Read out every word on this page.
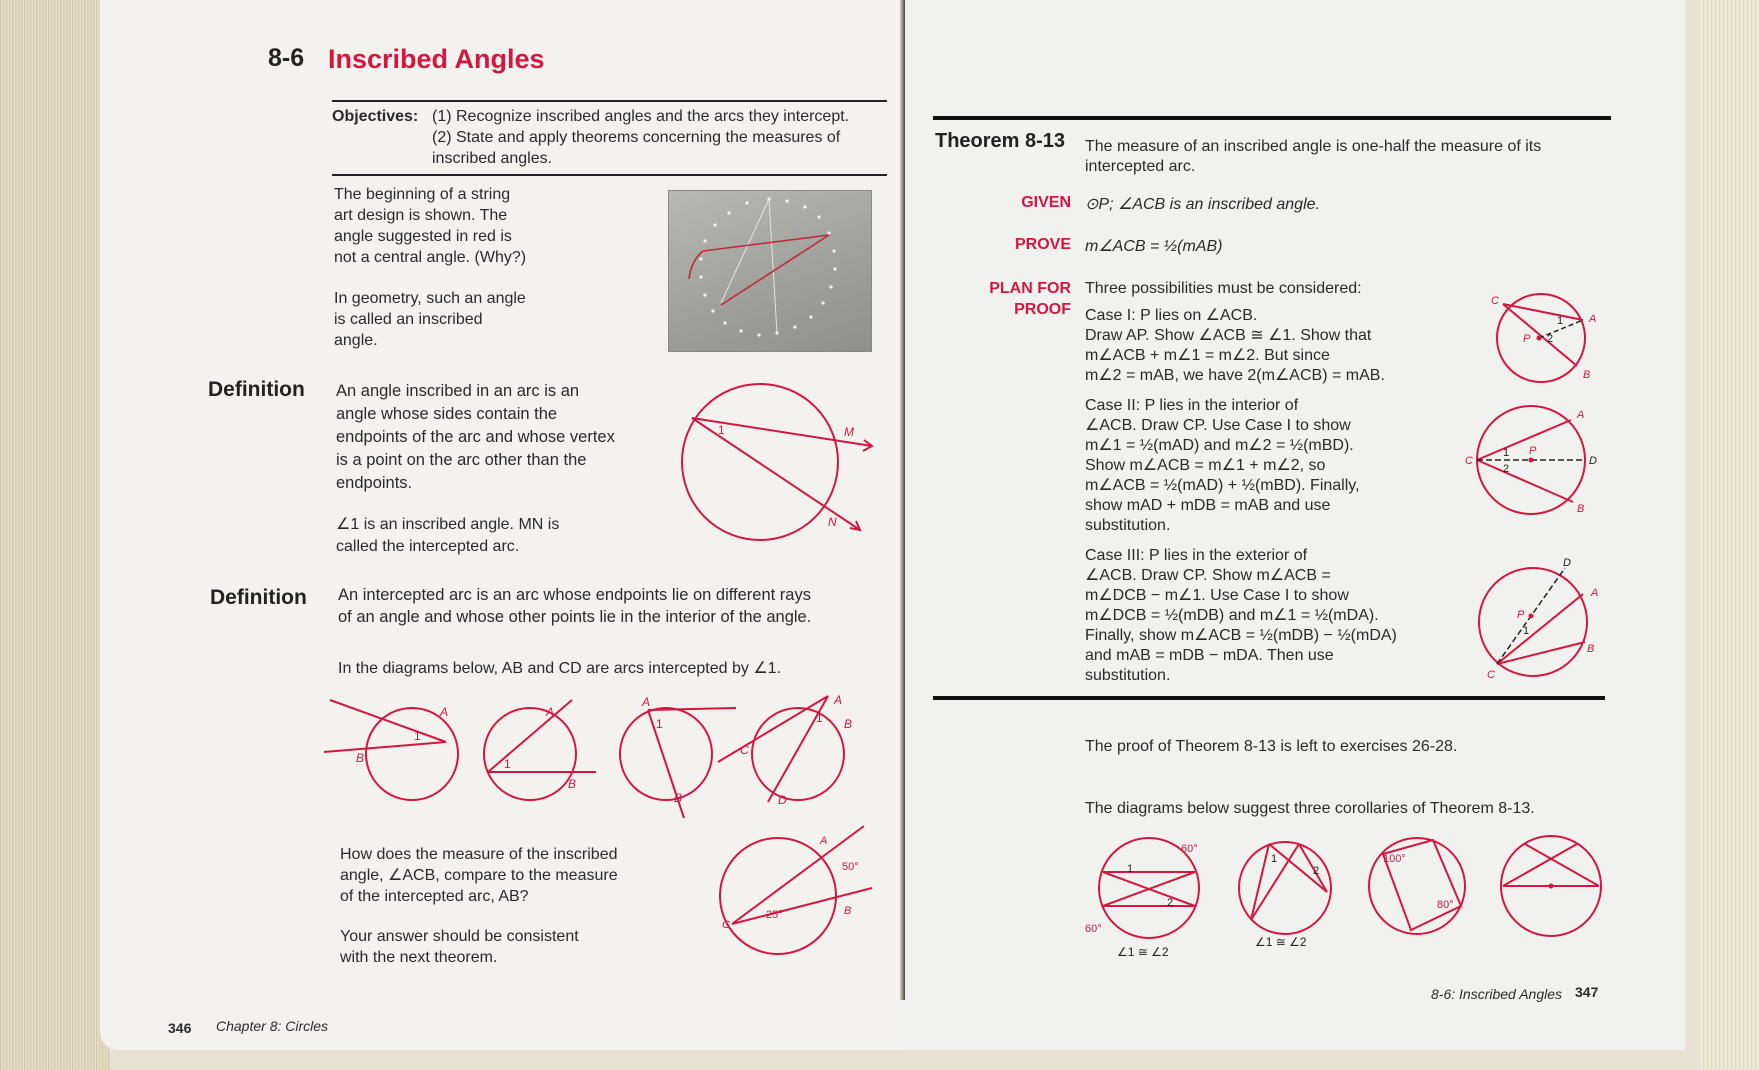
8-6 Inscribed Angles
Objectives: (1) Recognize inscribed angles and the arcs they intercept.
(2) State and apply theorems concerning the measures of
inscribed angles.
The beginning of a string
art design is shown. The
angle suggested in red is
not a central angle. (Why?)
In geometry, such an angle
is called an inscribed
angle.
Definition An angle inscribed in an arc is an
angle whose sides contain the
endpoints of the arc and whose vertex
is a point on the arc other than the
endpoints.
∠1 is an inscribed angle. MN is
called the intercepted arc.
1	M
N
Definition An intercepted arc is an arc whose endpoints lie on different rays
of an angle and whose other points lie in the interior of the angle.
In the diagrams below, AB and CD are arcs intercepted by ∠1.
A
1
B
A
1
B
A
1
B
A
B
C
D
1
How does the measure of the inscribed
angle, ∠ACB, compare to the measure
of the intercepted arc, AB?
Your answer should be consistent
with the next theorem.
A
50°
B
25°
C
346 Chapter 8: Circles
Theorem 8-13 The measure of an inscribed angle is one-half the measure of its
intercepted arc.
GIVEN ⊙P; ∠ACB is an inscribed angle.
PROVE m∠ACB = ½(mAB)
PLAN FOR
PROOF
Three possibilities must be considered:
Case I: P lies on ∠ACB.
Draw AP. Show ∠ACB ≅ ∠1. Show that
m∠ACB + m∠1 = m∠2. But since
m∠2 = mAB, we have 2(m∠ACB) = mAB.
Case II: P lies in the interior of
∠ACB. Draw CP. Use Case I to show
m∠1 = ½(mAD) and m∠2 = ½(mBD).
Show m∠ACB = m∠1 + m∠2, so
m∠ACB = ½(mAD) + ½(mBD). Finally,
show mAD + mDB = mAB and use
substitution.
Case III: P lies in the exterior of
∠ACB. Draw CP. Show m∠ACB =
m∠DCB − m∠1. Use Case I to show
m∠DCB = ½(mDB) and m∠1 = ½(mDA).
Finally, show m∠ACB = ½(mDB) − ½(mDA)
and mAB = mDB − mDA. Then use
substitution.
C
A
B
P
1
2
C
A
B
D
P
1
2
D
A
B
C
P
1
The proof of Theorem 8-13 is left to exercises 26-28.
The diagrams below suggest three corollaries of Theorem 8-13.
60°
60°
1
2
1
2
100°
80°
∠1 ≅ ∠2
∠1 ≅ ∠2
8-6: Inscribed Angles 347
